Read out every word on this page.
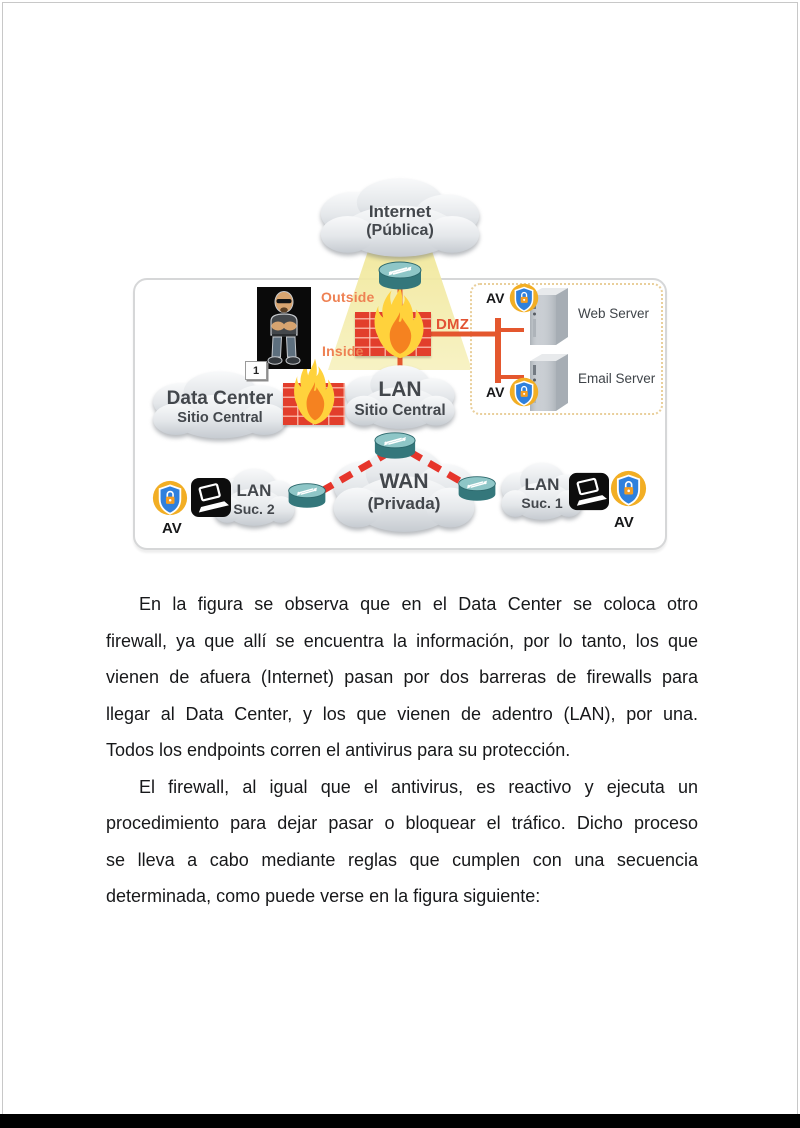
Internet
(Pública)
1
Outside
DMZ
Inside
Web Server
AV
Email Server
AV
Data Center
Sitio Central
LAN
Sitio Central
WAN
(Privada)
LAN
Suc. 2
LAN
Suc. 1
AV	AV
En la figura se observa que en el Data Center se coloca otro
firewall, ya que allí se encuentra la información, por lo tanto, los que
vienen de afuera (Internet) pasan por dos barreras de firewalls para
llegar al Data Center, y los que vienen de adentro (LAN), por una.
Todos los endpoints corren el antivirus para su protección.
El firewall, al igual que el antivirus, es reactivo y ejecuta un
procedimiento para dejar pasar o bloquear el tráfico. Dicho proceso
se lleva a cabo mediante reglas que cumplen con una secuencia
determinada, como puede verse en la figura siguiente:
